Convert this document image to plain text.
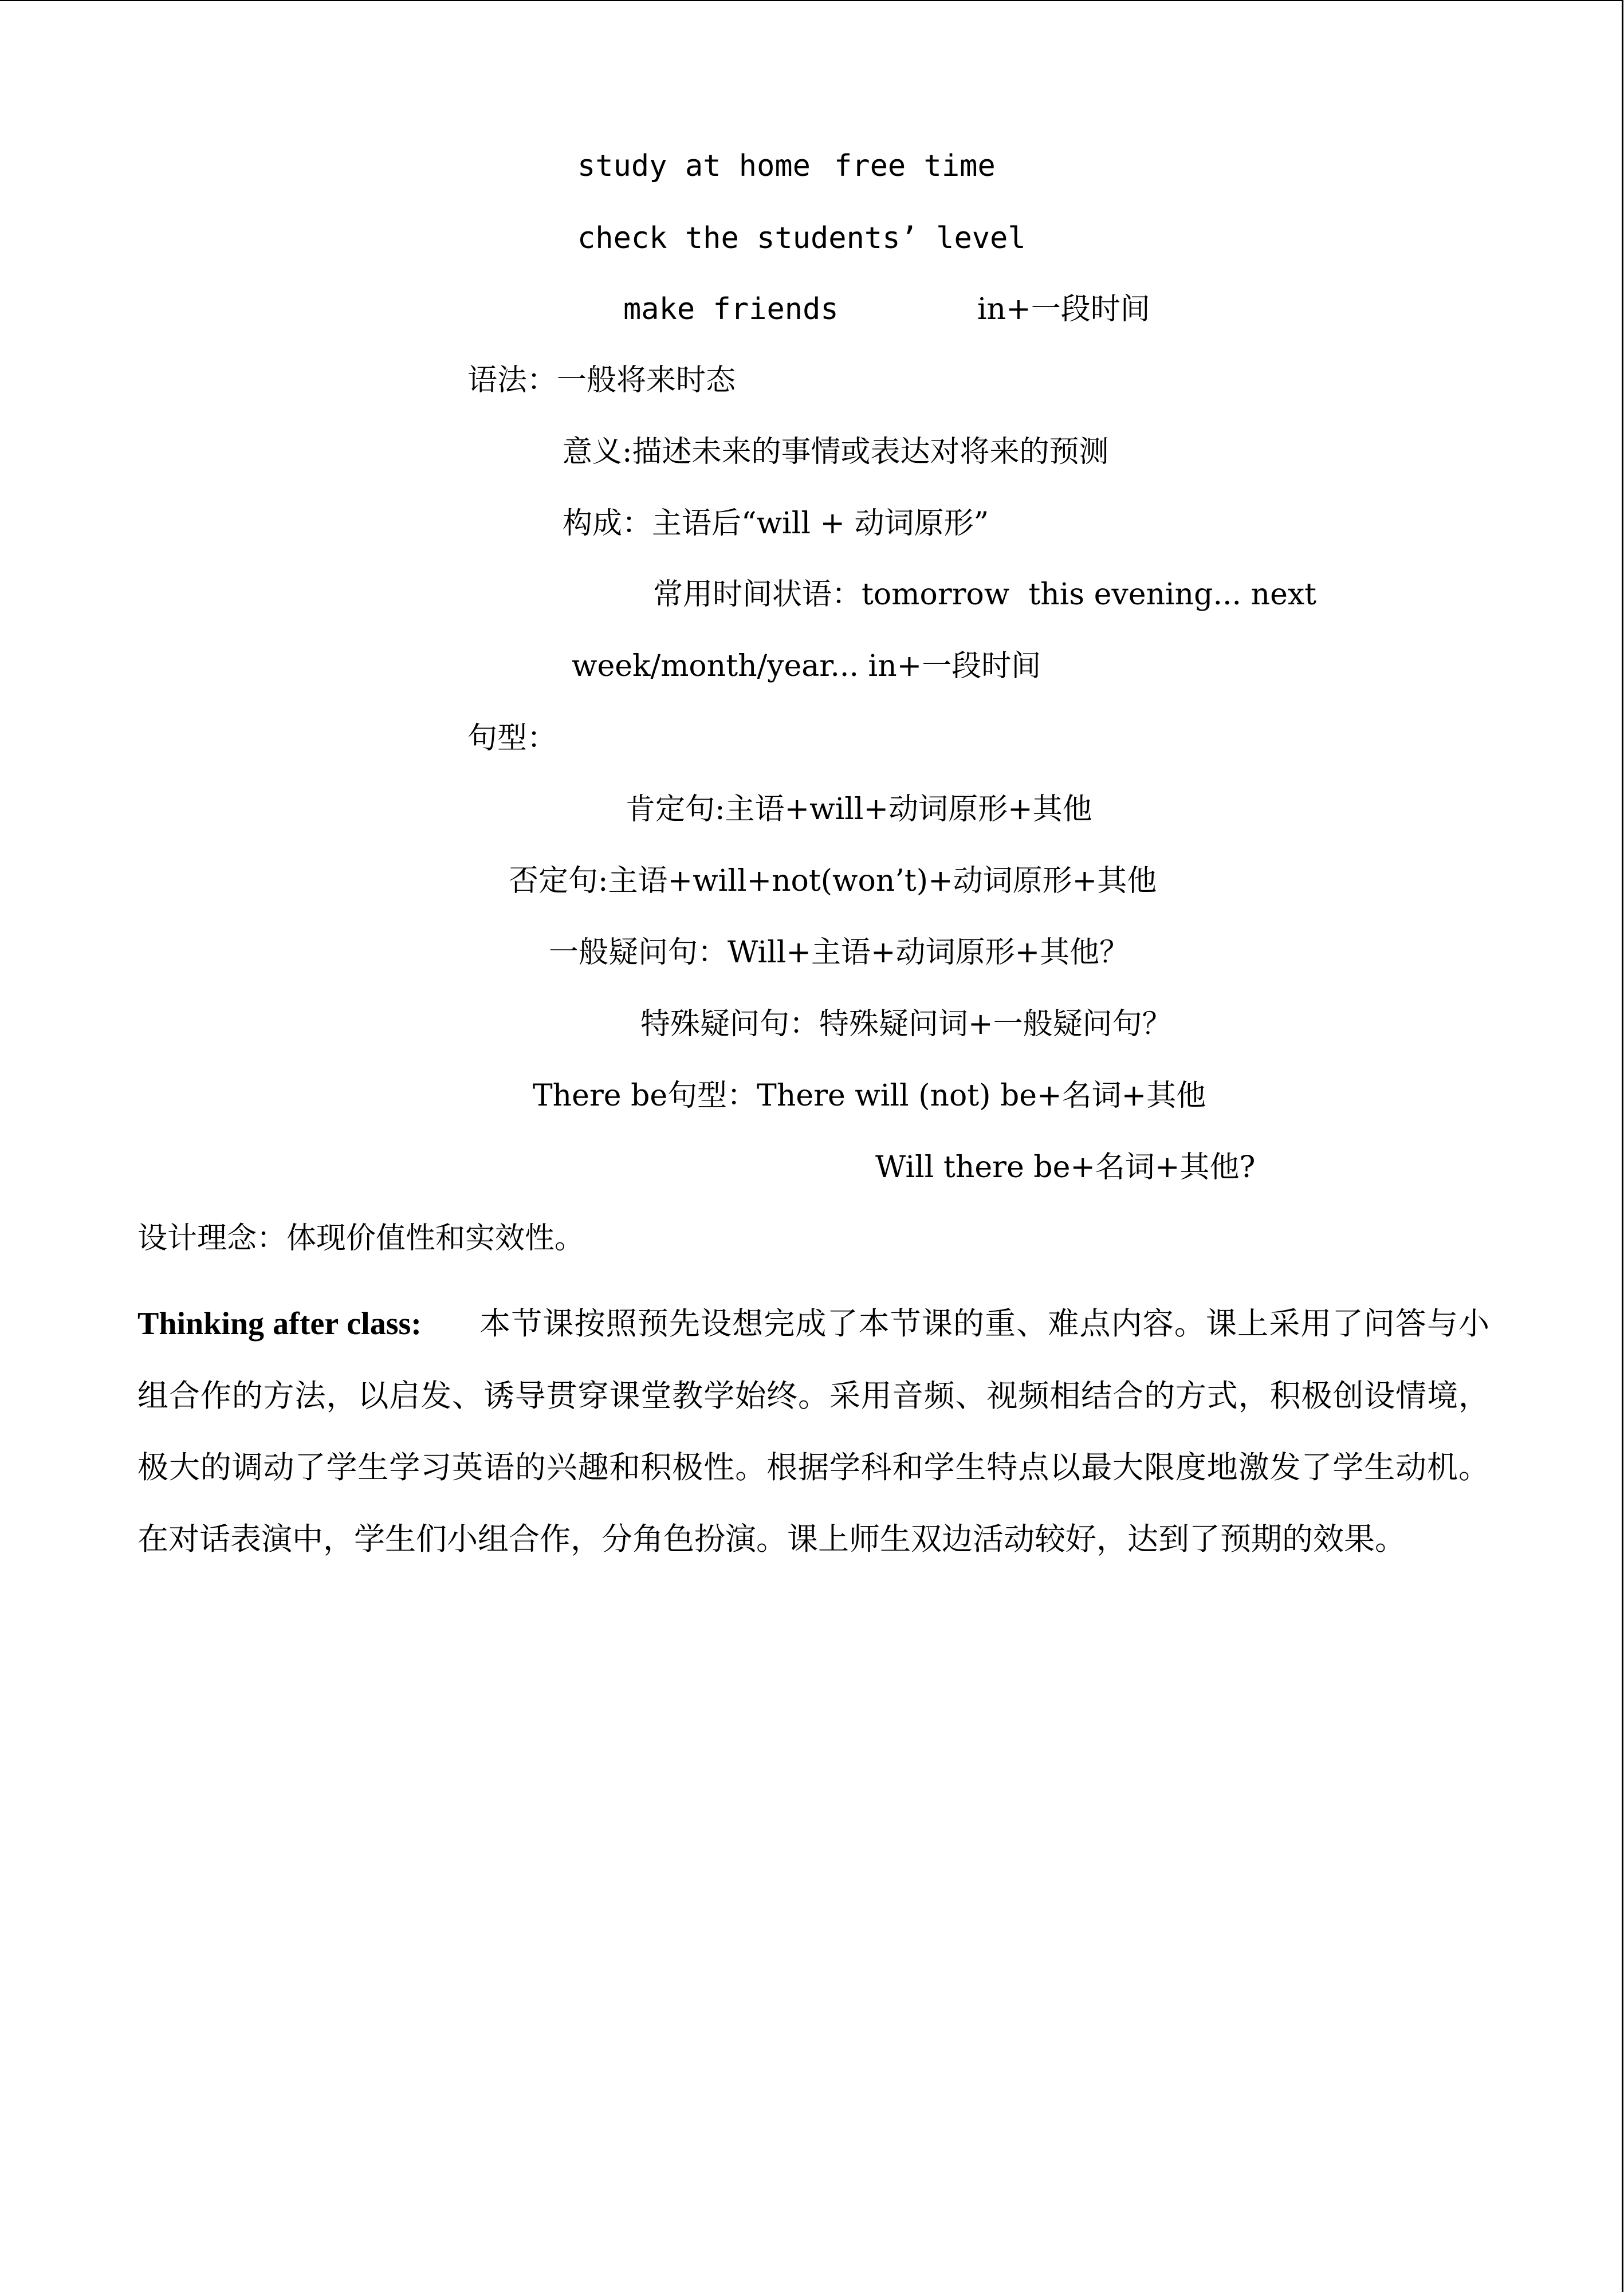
study at home

free time

check the students’ level

make friends

	in+一段时间

语法：一般将来时态
意义:描述未来的事情或表达对将来的预测
构成：主语后“will + 动词原形”
常用时间状语：tomorrow  this evening... next
week/month/year... in+一段时间
句型：
肯定句:主语+will+动词原形+其他
否定句:主语+will+not(won’t)+动词原形+其他
一般疑问句：Will+主语+动词原形+其他？
特殊疑问句：特殊疑问词+一般疑问句？
There be句型：There will (not) be+名词+其他
Will there be+名词+其他?
设计理念：体现价值性和实效性。
Thinking after class: 本节课按照预先设想完成了本节课的重、难点内容。课上采用了问答与小组合作的方法，以启发、诱导贯穿课堂教学始终。采用音频、视频相结合的方式，积极创设情境，极大的调动了学生学习英语的兴趣和积极性。根据学科和学生特点以最大限度地激发了学生动机。在对话表演中，学生们小组合作，分角色扮演。课上师生双边活动较好，达到了预期的效果。
